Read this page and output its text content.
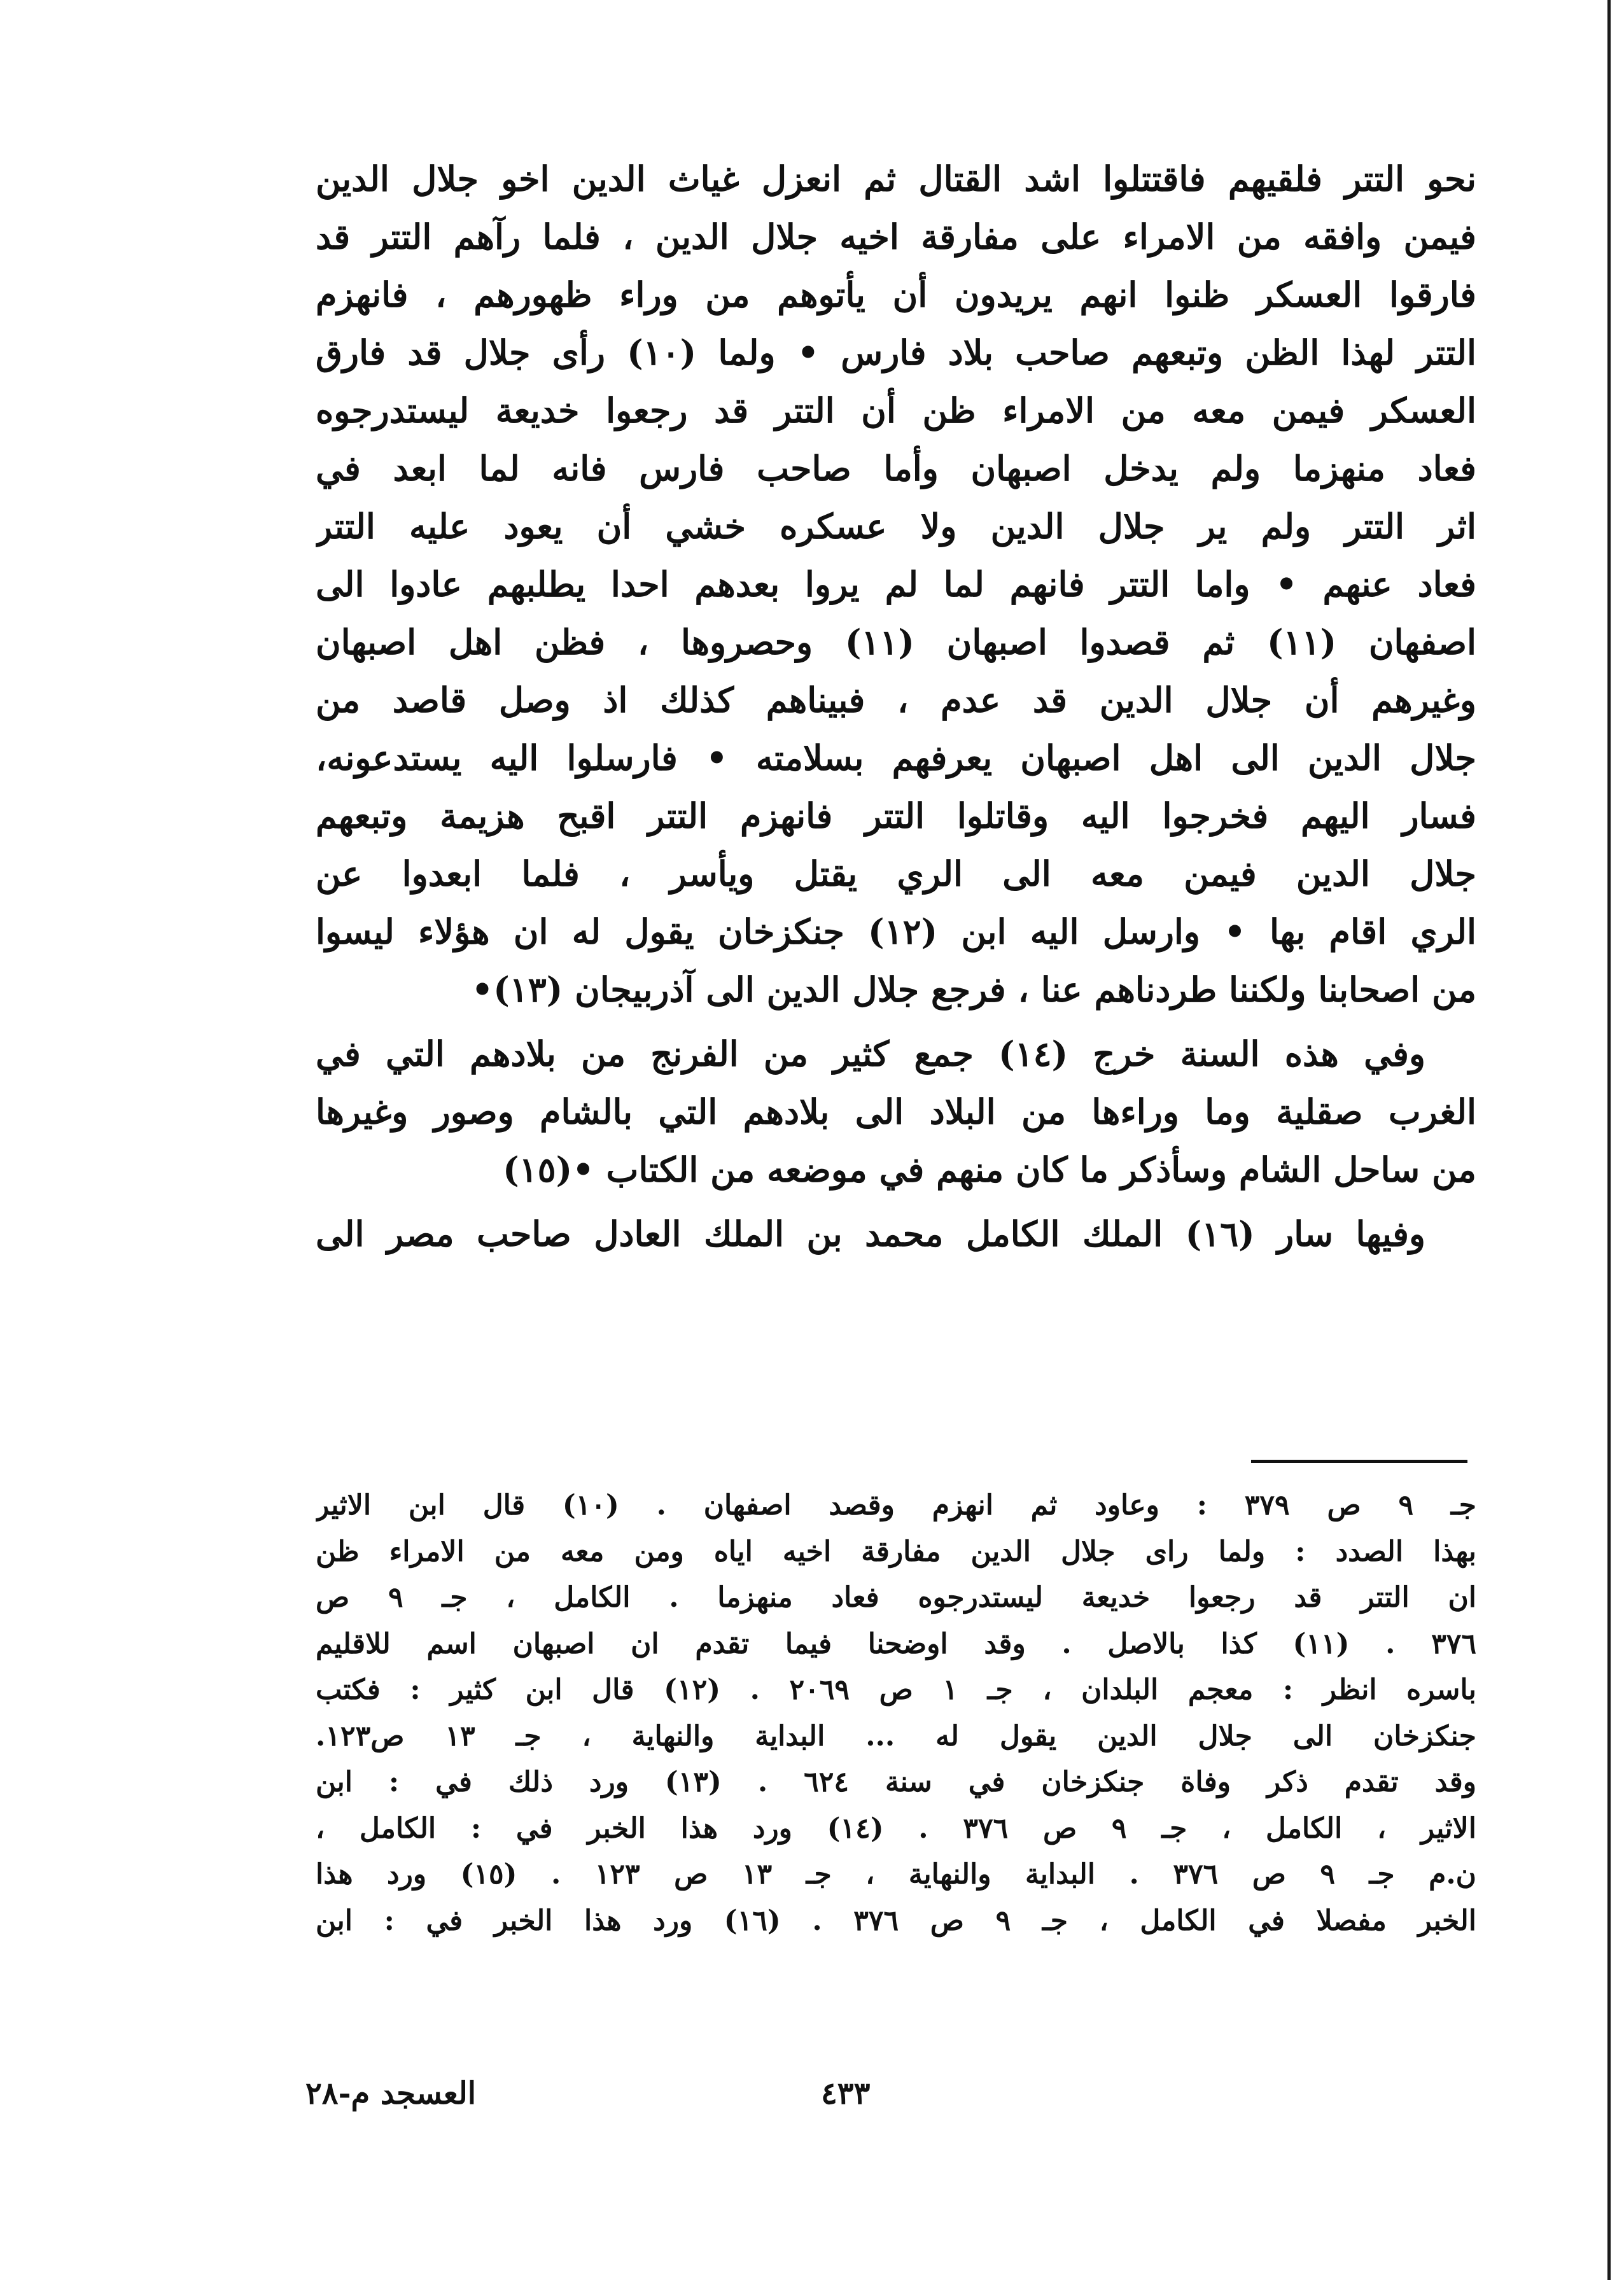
نحو التتر فلقيهم فاقتتلوا اشد القتال ثم انعزل غياث الدين اخو جلال الدين
فيمن وافقه من الامراء على مفارقة اخيه جلال الدين ، فلما رآهم التتر قد
فارقوا العسكر ظنوا انهم يريدون أن يأتوهم من وراء ظهورهم ، فانهزم
التتر لهذا الظن وتبعهم صاحب بلاد فارس • ولما (١٠) رأى جلال قد فارق
العسكر فيمن معه من الامراء ظن أن التتر قد رجعوا خديعة ليستدرجوه
فعاد منهزما ولم يدخل اصبهان وأما صاحب فارس فانه لما ابعد في
اثر التتر ولم ير جلال الدين ولا عسكره خشي أن يعود عليه التتر
فعاد عنهم • واما التتر فانهم لما لم يروا بعدهم احدا يطلبهم عادوا الى
اصفهان (١١) ثم قصدوا اصبهان (١١) وحصروها ، فظن اهل اصبهان
وغيرهم أن جلال الدين قد عدم ، فبيناهم كذلك اذ وصل قاصد من
جلال الدين الى اهل اصبهان يعرفهم بسلامته • فارسلوا اليه يستدعونه،
فسار اليهم فخرجوا اليه وقاتلوا التتر فانهزم التتر اقبح هزيمة وتبعهم
جلال الدين فيمن معه الى الري يقتل ويأسر ، فلما ابعدوا عن
الري اقام بها • وارسل اليه ابن (١٢) جنكزخان يقول له ان هؤلاء ليسوا
من اصحابنا ولكننا طردناهم عنا ، فرجع جلال الدين الى آذربيجان (١٣)•
وفي هذه السنة خرج (١٤) جمع كثير من الفرنج من بلادهم التي في
الغرب صقلية وما وراءها من البلاد الى بلادهم التي بالشام وصور وغيرها
من ساحل الشام وسأذكر ما كان منهم في موضعه من الكتاب •(١٥)
وفيها سار (١٦) الملك الكامل محمد بن الملك العادل صاحب مصر الى
جـ ٩ ص ٣٧٩ : وعاود ثم انهزم وقصد اصفهان . (١٠) قال ابن الاثير
بهذا الصدد : ولما راى جلال الدين مفارقة اخيه اياه ومن معه من الامراء ظن
ان التتر قد رجعوا خديعة ليستدرجوه فعاد منهزما . الكامل ، جـ ٩ ص
٣٧٦ . (١١) كذا بالاصل . وقد اوضحنا فيما تقدم ان اصبهان اسم للاقليم
باسره انظر : معجم البلدان ، جـ ١ ص ٢٠٦٩ . (١٢) قال ابن كثير : فكتب
جنكزخان الى جلال الدين يقول له ... البداية والنهاية ، جـ ١٣ ص١٢٣.
وقد تقدم ذكر وفاة جنكزخان في سنة ٦٢٤ . (١٣) ورد ذلك في : ابن
الاثير ، الكامل ، جـ ٩ ص ٣٧٦ . (١٤) ورد هذا الخبر في : الكامل ،
ن.م جـ ٩ ص ٣٧٦ . البداية والنهاية ، جـ ١٣ ص ١٢٣ . (١٥) ورد هذا
الخبر مفصلا في الكامل ، جـ ٩ ص ٣٧٦ . (١٦) ورد هذا الخبر في : ابن
٤٣٣
العسجد م-٢٨
